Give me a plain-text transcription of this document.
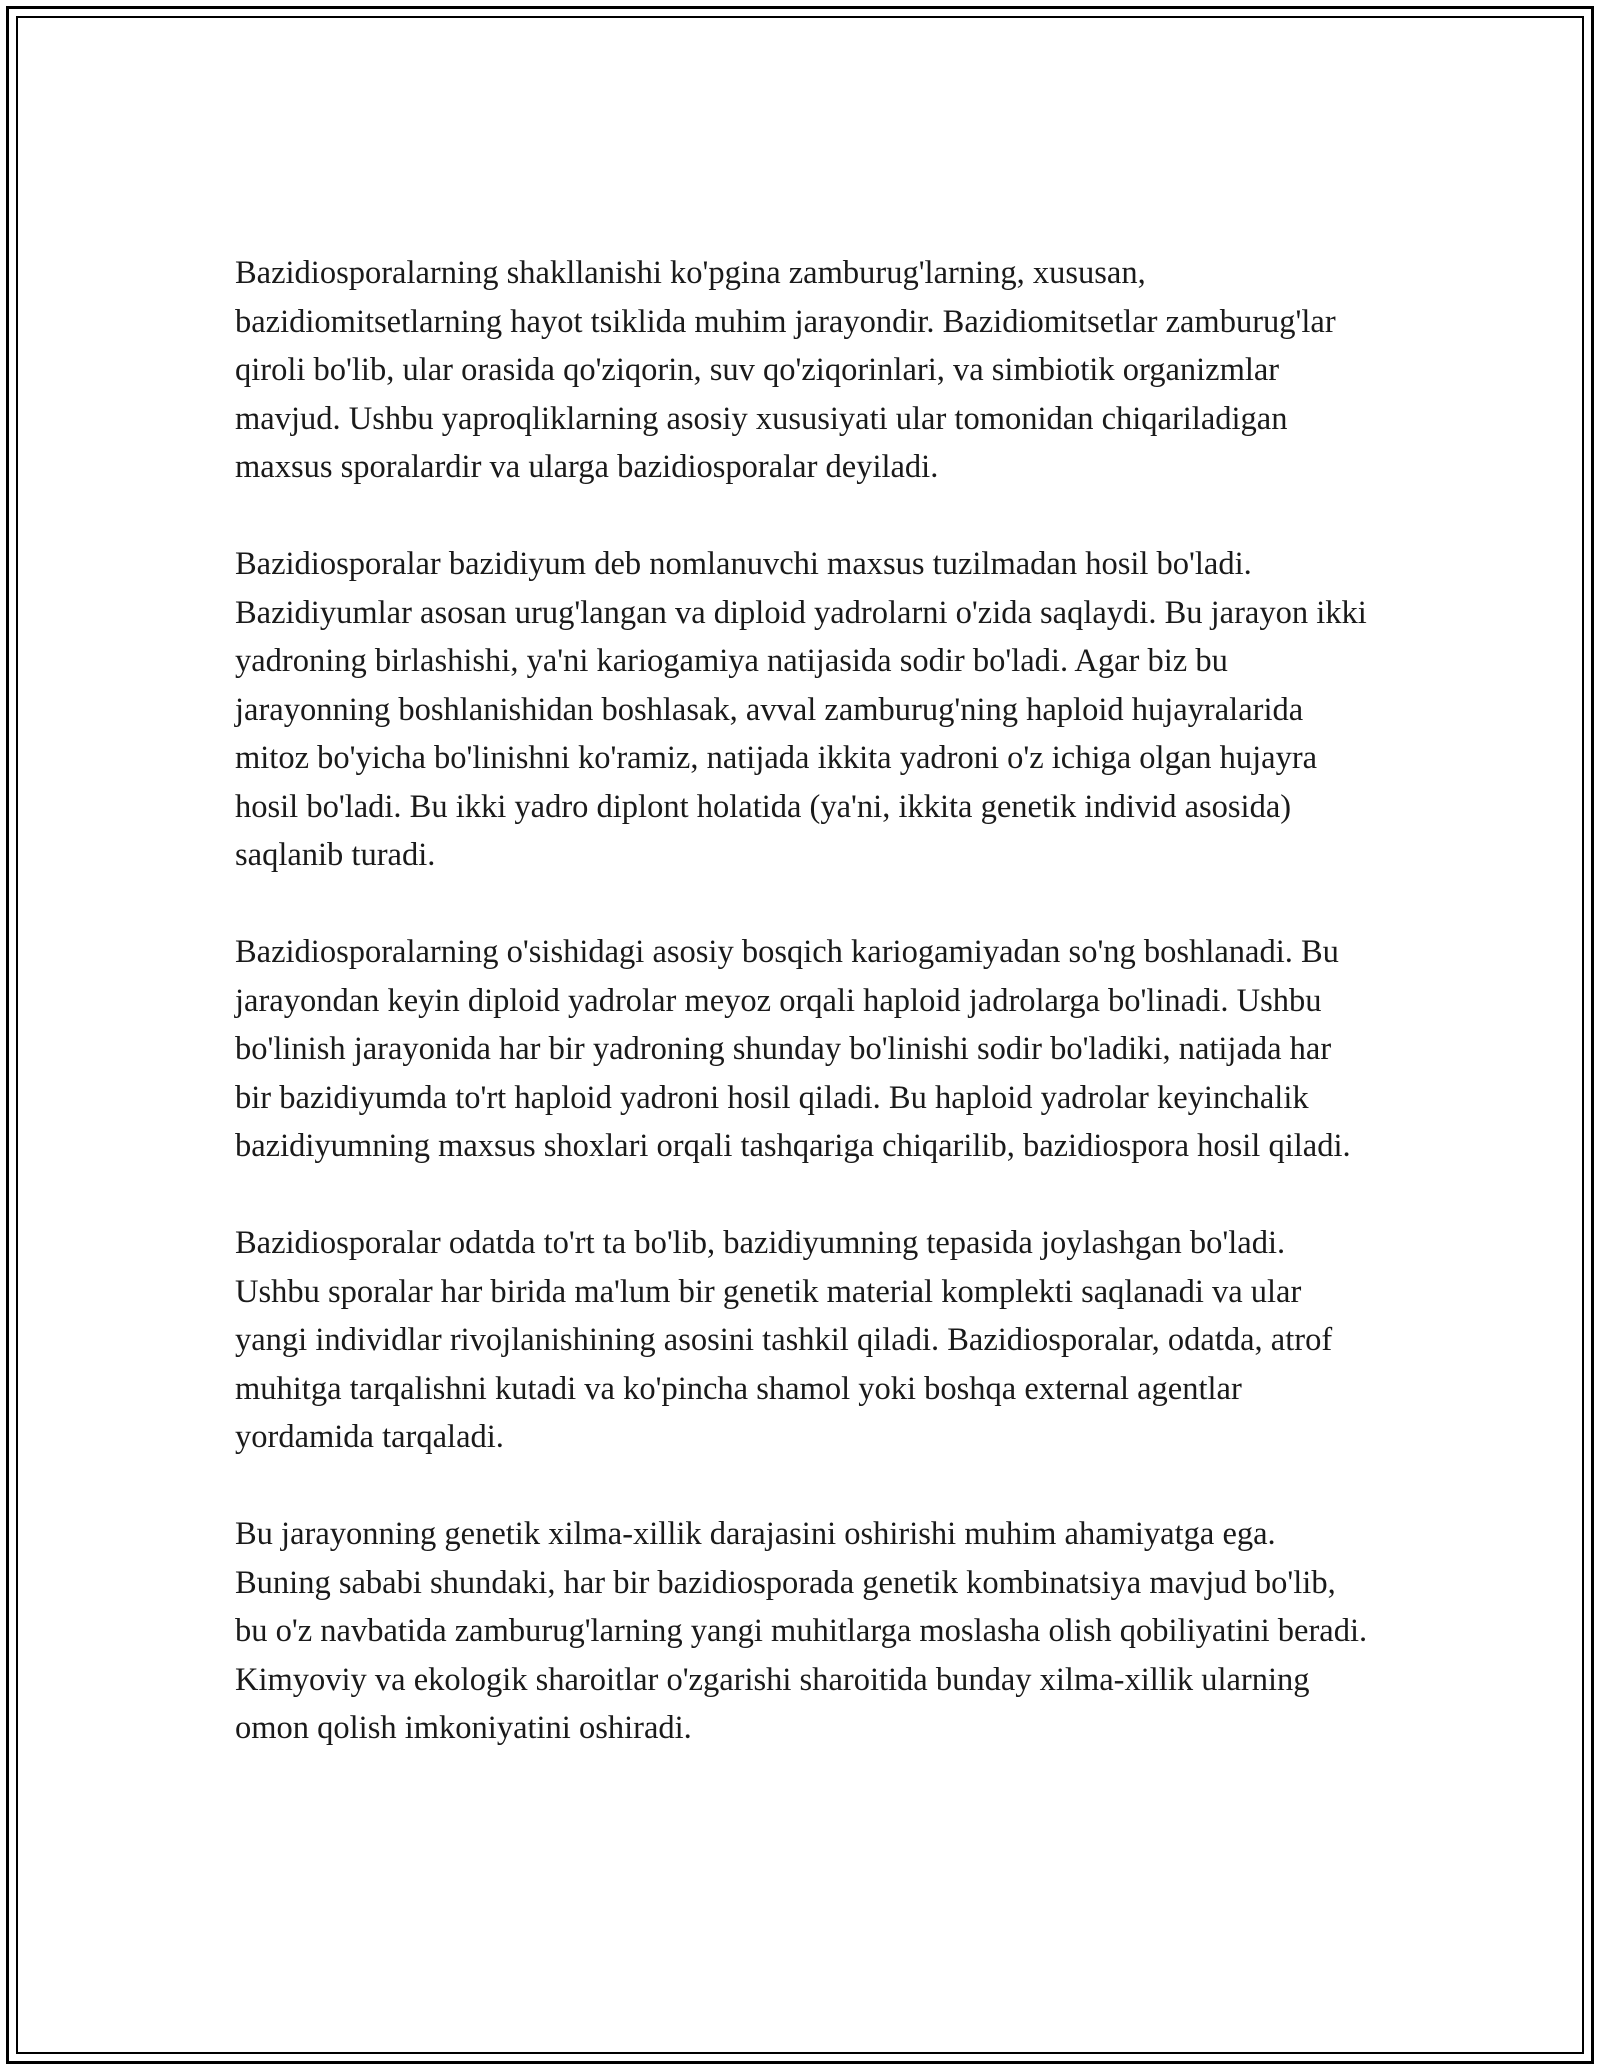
Bazidiosporalarning shakllanishi ko'pgina zamburug'larning, xususan, bazidiomitsetlarning hayot tsiklida muhim jarayondir. Bazidiomitsetlar zamburug'lar qiroli bo'lib, ular orasida qo'ziqorin, suv qo'ziqorinlari, va simbiotik organizmlar mavjud. Ushbu yaproqliklarning asosiy xususiyati ular tomonidan chiqariladigan maxsus sporalardir va ularga bazidiosporalar deyiladi.

Bazidiosporalar bazidiyum deb nomlanuvchi maxsus tuzilmadan hosil bo'ladi. Bazidiyumlar asosan urug'langan va diploid yadrolarni o'zida saqlaydi. Bu jarayon ikki yadroning birlashishi, ya'ni kariogamiya natijasida sodir bo'ladi. Agar biz bu jarayonning boshlanishidan boshlasak, avval zamburug'ning haploid hujayralarida mitoz bo'yicha bo'linishni ko'ramiz, natijada ikkita yadroni o'z ichiga olgan hujayra hosil bo'ladi. Bu ikki yadro diplont holatida (ya'ni, ikkita genetik individ asosida) saqlanib turadi.

Bazidiosporalarning o'sishidagi asosiy bosqich kariogamiyadan so'ng boshlanadi. Bu jarayondan keyin diploid yadrolar meyoz orqali haploid jadrolarga bo'linadi. Ushbu bo'linish jarayonida har bir yadroning shunday bo'linishi sodir bo'ladiki, natijada har bir bazidiyumda to'rt haploid yadroni hosil qiladi. Bu haploid yadrolar keyinchalik bazidiyumning maxsus shoxlari orqali tashqariga chiqarilib, bazidiospora hosil qiladi.

Bazidiosporalar odatda to'rt ta bo'lib, bazidiyumning tepasida joylashgan bo'ladi. Ushbu sporalar har birida ma'lum bir genetik material komplekti saqlanadi va ular yangi individlar rivojlanishining asosini tashkil qiladi. Bazidiosporalar, odatda, atrof muhitga tarqalishni kutadi va ko'pincha shamol yoki boshqa external agentlar yordamida tarqaladi.

Bu jarayonning genetik xilma-xillik darajasini oshirishi muhim ahamiyatga ega. Buning sababi shundaki, har bir bazidiosporada genetik kombinatsiya mavjud bo'lib, bu o'z navbatida zamburug'larning yangi muhitlarga moslasha olish qobiliyatini beradi. Kimyoviy va ekologik sharoitlar o'zgarishi sharoitida bunday xilma-xillik ularning omon qolish imkoniyatini oshiradi.
